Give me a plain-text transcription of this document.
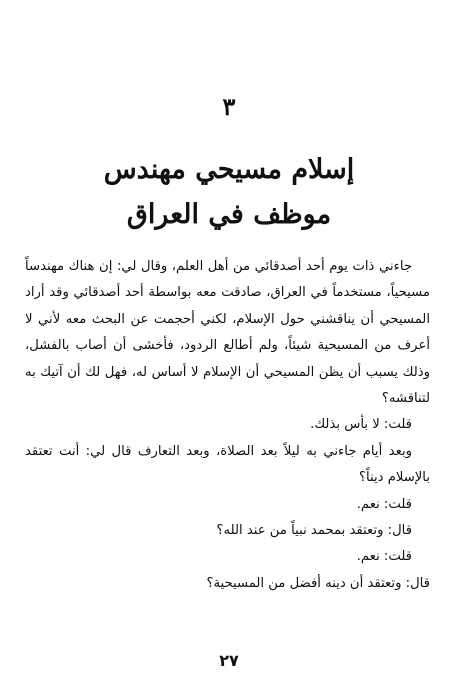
٣
إسلام مسيحي مهندس
موظف في العراق

جاءني ذات يوم أحد أصدقائي من أهل العلم، وقال لي: إن هناك مهندساً مسيحياً، مستخدماً في العراق، صادقت معه بواسطة أحد أصدقائي وقد أراد المسيحي أن يناقشني حول الإسلام، لكني أحجمت عن البحث معه لأني لا أعرف من المسيحية شيئاً، ولم أطالع الردود، فأخشى أن أصاب بالفشل، وذلك يسبب أن يظن المسيحي أن الإسلام لا أساس له، فهل لك أن آتيك به لتناقشه؟

قلت: لا بأس بذلك.

وبعد أيام جاءني به ليلاً بعد الصلاة، وبعد التعارف قال لي: أنت تعتقد بالإسلام ديناً؟

قلت: نعم.

قال: وتعتقد بمحمد نبياً من عند الله؟

قلت: نعم.

قال: وتعتقد أن دينه أفضل من المسيحية؟

٢٧
